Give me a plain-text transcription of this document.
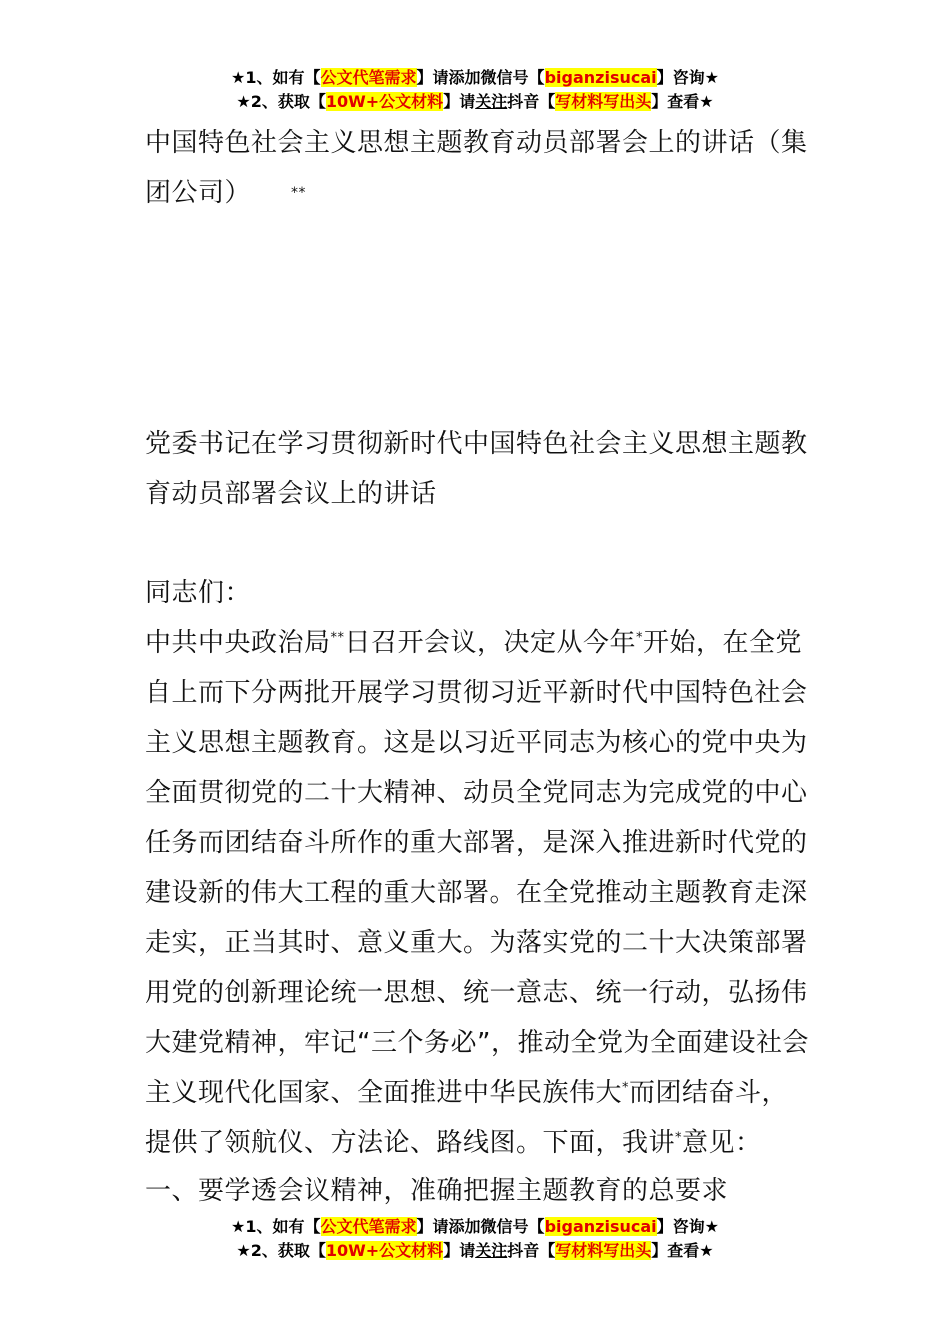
★1、如有【公文代笔需求】请添加微信号【biganzisucai】咨询★
★2、获取【10W+公文材料】请关注抖音【写材料写出头】查看★
中国特色社会主义思想主题教育动员部署会上的讲话（集团公司）	**
党委书记在学习贯彻新时代中国特色社会主义思想主题教育动员部署会议上的讲话
同志们：
中共中央政治局**日召开会议，决定从今年*开始，在全党自上而下分两批开展学习贯彻习近平新时代中国特色社会主义思想主题教育。这是以习近平同志为核心的党中央为全面贯彻党的二十大精神、动员全党同志为完成党的中心任务而团结奋斗所作的重大部署，是深入推进新时代党的建设新的伟大工程的重大部署。在全党推动主题教育走深走实，正当其时、意义重大。为落实党的二十大决策部署用党的创新理论统一思想、统一意志、统一行动，弘扬伟大建党精神，牢记“三个务必”，推动全党为全面建设社会主义现代化国家、全面推进中华民族伟大*而团结奋斗，提供了领航仪、方法论、路线图。下面，我讲*意见：
一、要学透会议精神，准确把握主题教育的总要求
★1、如有【公文代笔需求】请添加微信号【biganzisucai】咨询★
★2、获取【10W+公文材料】请关注抖音【写材料写出头】查看★
